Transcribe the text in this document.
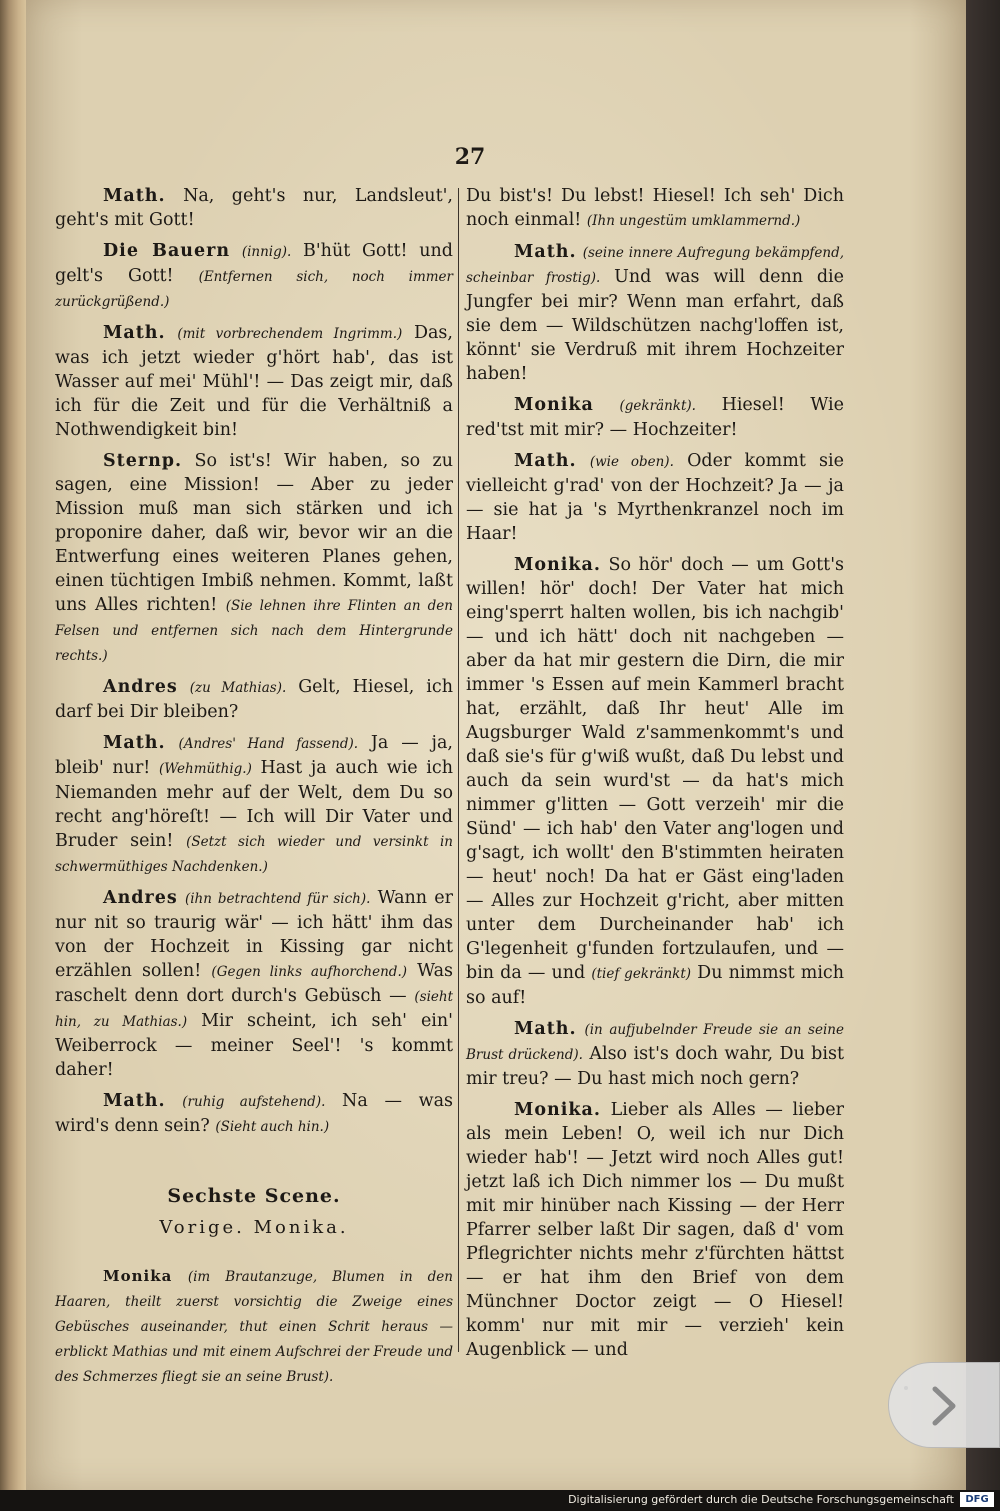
27

Math. Na, geht's nur, Landsleut', geht's mit Gott!

Die Bauern (innig). B'hüt Gott! und gelt's Gott! (Entfernen sich, noch immer zurückgrüßend.)

Math. (mit vorbrechendem Ingrimm.) Das, was ich jetzt wieder g'hört hab', das ist Wasser auf mei' Mühl'! — Das zeigt mir, daß ich für die Zeit und für die Verhältniß a Nothwendigkeit bin!

Sternp. So ist's! Wir haben, so zu sagen, eine Mission! — Aber zu jeder Mission muß man sich stärken und ich proponire daher, daß wir, bevor wir an die Entwerfung eines weiteren Planes gehen, einen tüchtigen Imbiß nehmen. Kommt, laßt uns Alles richten! (Sie lehnen ihre Flinten an den Felsen und entfernen sich nach dem Hintergrunde rechts.)

Andres (zu Mathias). Gelt, Hiesel, ich darf bei Dir bleiben?

Math. (Andres' Hand fassend). Ja — ja, bleib' nur! (Wehmüthig.) Hast ja auch wie ich Niemanden mehr auf der Welt, dem Du so recht ang'höreſt! — Ich will Dir Vater und Bruder sein! (Setzt sich wieder und versinkt in schwermüthiges Nachdenken.)

Andres (ihn betrachtend für sich). Wann er nur nit so traurig wär' — ich hätt' ihm das von der Hochzeit in Kissing gar nicht erzählen sollen! (Gegen links aufhorchend.) Was raschelt denn dort durch's Gebüsch — (sieht hin, zu Mathias.) Mir scheint, ich seh' ein' Weiberrock — meiner Seel'! 's kommt daher!

Math. (ruhig aufstehend). Na — was wird's denn sein? (Sieht auch hin.)

Sechste Scene.
Vorige. Monika.

Monika (im Brautanzuge, Blumen in den Haaren, theilt zuerst vorsichtig die Zweige eines Gebüsches auseinander, thut einen Schrit heraus — erblickt Mathias und mit einem Aufschrei der Freude und des Schmerzes fliegt sie an seine Brust).

Du bist's! Du lebst! Hiesel! Ich seh' Dich noch einmal! (Ihn ungestüm umklammernd.)

Math. (seine innere Aufregung bekämpfend, scheinbar frostig). Und was will denn die Jungfer bei mir? Wenn man erfahrt, daß sie dem — Wildschützen nachg'loffen ist, könnt' sie Verdruß mit ihrem Hochzeiter haben!

Monika (gekränkt). Hiesel! Wie red'tst mit mir? — Hochzeiter!

Math. (wie oben). Oder kommt sie vielleicht g'rad' von der Hochzeit? Ja — ja — sie hat ja 's Myrthenkranzel noch im Haar!

Monika. So hör' doch — um Gott's willen! hör' doch! Der Vater hat mich eing'sperrt halten wollen, bis ich nachgib' — und ich hätt' doch nit nachgeben — aber da hat mir gestern die Dirn, die mir immer 's Essen auf mein Kammerl bracht hat, erzählt, daß Ihr heut' Alle im Augsburger Wald z'sammenkommt's und daß sie's für g'wiß wußt, daß Du lebst und auch da sein wurd'st — da hat's mich nimmer g'litten — Gott verzeih' mir die Sünd' — ich hab' den Vater ang'logen und g'sagt, ich wollt' den B'stimmten heiraten — heut' noch! Da hat er Gäst eing'laden — Alles zur Hochzeit g'richt, aber mitten unter dem Durcheinander hab' ich G'legenheit g'funden fortzulaufen, und — bin da — und (tief gekränkt) Du nimmst mich so auf!

Math. (in aufjubelnder Freude sie an seine Brust drückend). Also ist's doch wahr, Du bist mir treu? — Du hast mich noch gern?

Monika. Lieber als Alles — lieber als mein Leben! O, weil ich nur Dich wieder hab'! — Jetzt wird noch Alles gut! jetzt laß ich Dich nimmer los — Du mußt mit mir hinüber nach Kissing — der Herr Pfarrer selber laßt Dir sagen, daß d' vom Pflegrichter nichts mehr z'fürchten hättst — er hat ihm den Brief von dem Münchner Doctor zeigt — O Hiesel! komm' nur mit mir — verzieh' kein Augenblick — und

Digitalisierung gefördert durch die Deutsche Forschungsgemeinschaft	DFG
